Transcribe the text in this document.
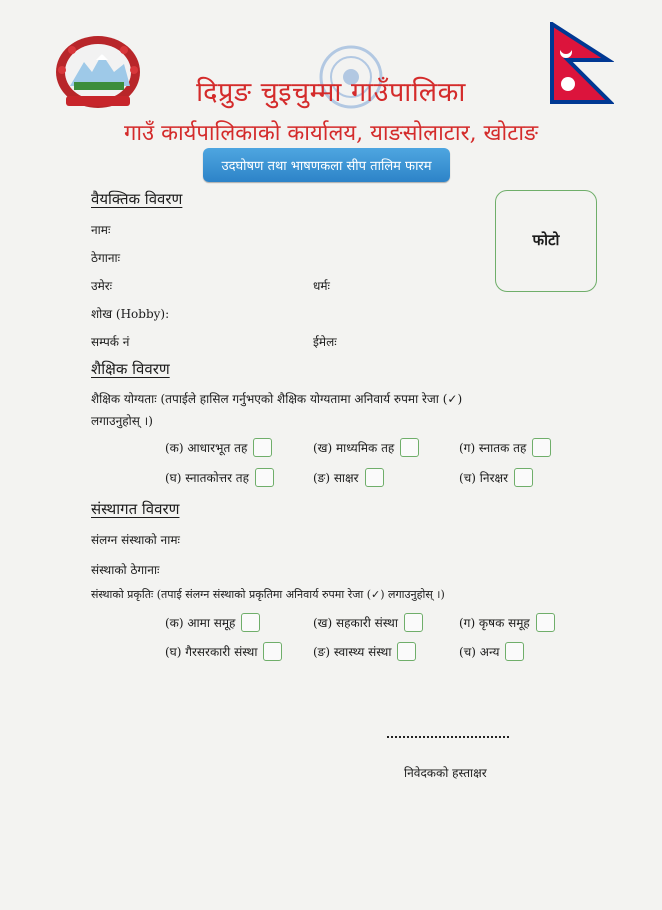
दिप्रुङ चुइचुम्मा गाउँपालिका
गाउँ कार्यपालिकाको कार्यालय, याङसोलाटार, खोटाङ
उदघोषण तथा भाषणकला सीप तालिम फारम
फोटो
वैयक्तिक विवरण
नामः
ठेगानाः
उमेरः	धर्मः
शोख (Hobby):
सम्पर्क नं	ईमेलः
शैक्षिक विवरण
शैक्षिक योग्यताः (तपाईले हासिल गर्नुभएको शैक्षिक योग्यतामा अनिवार्य रुपमा रेजा (✓) लगाउनुहोस् ।)
(क) आधारभूत तह	(ख) माध्यमिक तह	(ग) स्नातक तह
(घ) स्नातकोत्तर तह	(ङ) साक्षर	(च) निरक्षर
संस्थागत विवरण
संलग्न संस्थाको नामः
संस्थाको ठेगानाः
संस्थाको प्रकृतिः (तपाई संलग्न संस्थाको प्रकृतिमा अनिवार्य रुपमा रेजा (✓) लगाउनुहोस् ।)
(क) आमा समूह	(ख) सहकारी संस्था	(ग) कृषक समूह
(घ) गैरसरकारी संस्था	(ङ) स्वास्थ्य संस्था	(च) अन्य
निवेदकको हस्ताक्षर
